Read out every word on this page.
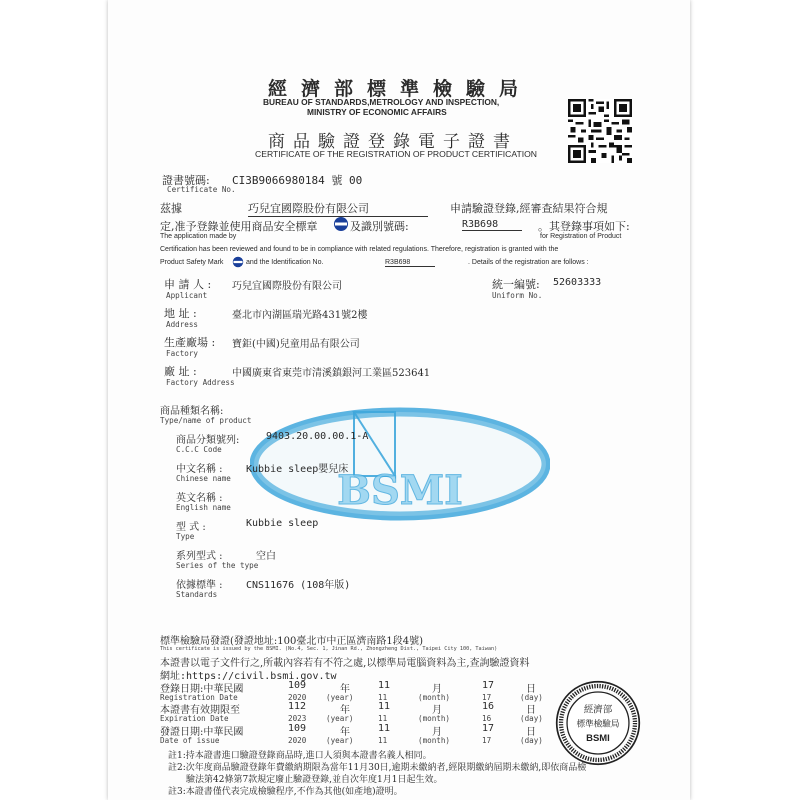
經濟部標準檢驗局
BUREAU OF STANDARDS,METROLOGY AND INSPECTION,
MINISTRY OF ECONOMIC AFFAIRS
商品驗證登錄電子證書
CERTIFICATE OF THE REGISTRATION OF PRODUCT CERTIFICATION
證書號碼: CI3B9066980184 號 00
Certificate No.
茲據	巧兒宜國際股份有限公司	申請驗證登錄,經審查結果符合規
定,准予登錄並使用商品安全標章	及識別號碼:	R3B698	。其登錄事項如下:
The application made by	for Registration of Product
Certification has been reviewed and found to be in compliance with related regulations. Therefore, registration is granted with the
Product Safety Mark	and the Identification No.	R3B698	. Details of the registration are follows :
申 請 人 : 巧兒宜國際股份有限公司
Applicant
統一編號: 52603333
Uniform No.
地 址 :	臺北市內湖區瑞光路431號2樓
Address
生產廠場 : 寶鉅(中國)兒童用品有限公司
Factory
廠 址 :	中國廣東省東莞市清溪鎮銀河工業區523641
Factory Address
BSMI
商品種類名稱:
Type/name of product
商品分類號列:	9403.20.00.00.1-A
C.C.C Code
中文名稱 : Kubbie sleep嬰兒床
Chinese name
英文名稱 :
English name
型 式 :	Kubbie sleep
Type
系列型式 :	空白
Series of the type
依據標準 : CNS11676 (108年版)
Standards
標準檢驗局發證(發證地址:100臺北市中正區濟南路1段4號)
This certificate is issued by the BSMI. (No.4, Sec. 1, Jinan Rd., Zhongzheng Dist., Taipei City 100, Taiwan)
本證書以電子文件行之,所載內容若有不符之處,以標準局電腦資料為主,查詢驗證資料
網址:https://civil.bsmi.gov.tw
登錄日期:中華民國	109	年	11	月	17	日
Registration Date	2020	(year)	11	(month)	17	(day)
本證書有效期限至	112	年	11	月	16	日
Expiration Date	2023	(year)	11	(month)	16	(day)
發證日期:中華民國	109	年	11	月	17	日
Date of issue	2020	(year)	11	(month)	17	(day)
註1:持本證書進口驗證登錄商品時,進口人須與本證書名義人相同。
註2:次年度商品驗證登錄年費繳納期限為當年11月30日,逾期未繳納者,經限期繳納屆期未繳納,即依商品檢
驗法第42條第7款規定廢止驗證登錄,並自次年度1月1日起生效。
註3:本證書僅代表完成檢驗程序,不作為其他(如產地)證明。
經濟部
標準檢驗局
BSMI
